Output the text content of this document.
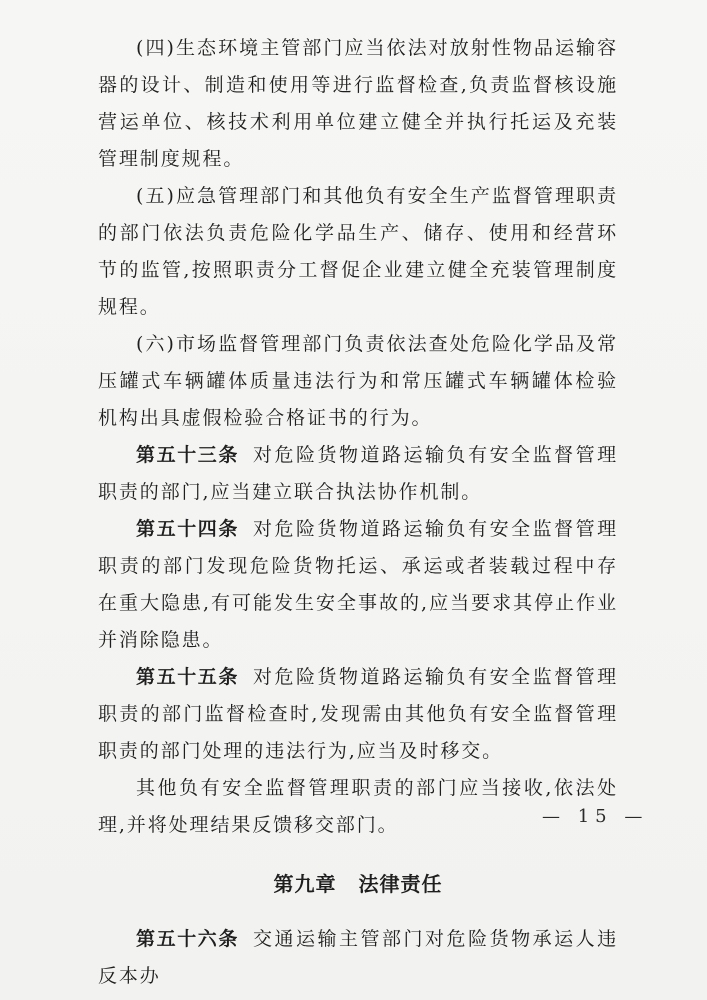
(四)生态环境主管部门应当依法对放射性物品运输容器的设计、制造和使用等进行监督检查,负责监督核设施营运单位、核技术利用单位建立健全并执行托运及充装管理制度规程。

(五)应急管理部门和其他负有安全生产监督管理职责的部门依法负责危险化学品生产、储存、使用和经营环节的监管,按照职责分工督促企业建立健全充装管理制度规程。

(六)市场监督管理部门负责依法查处危险化学品及常压罐式车辆罐体质量违法行为和常压罐式车辆罐体检验机构出具虚假检验合格证书的行为。

第五十三条 对危险货物道路运输负有安全监督管理职责的部门,应当建立联合执法协作机制。

第五十四条 对危险货物道路运输负有安全监督管理职责的部门发现危险货物托运、承运或者装载过程中存在重大隐患,有可能发生安全事故的,应当要求其停止作业并消除隐患。

第五十五条 对危险货物道路运输负有安全监督管理职责的部门监督检查时,发现需由其他负有安全监督管理职责的部门处理的违法行为,应当及时移交。

其他负有安全监督管理职责的部门应当接收,依法处理,并将处理结果反馈移交部门。

第九章 法律责任

第五十六条 交通运输主管部门对危险货物承运人违反本办

— 15 —
